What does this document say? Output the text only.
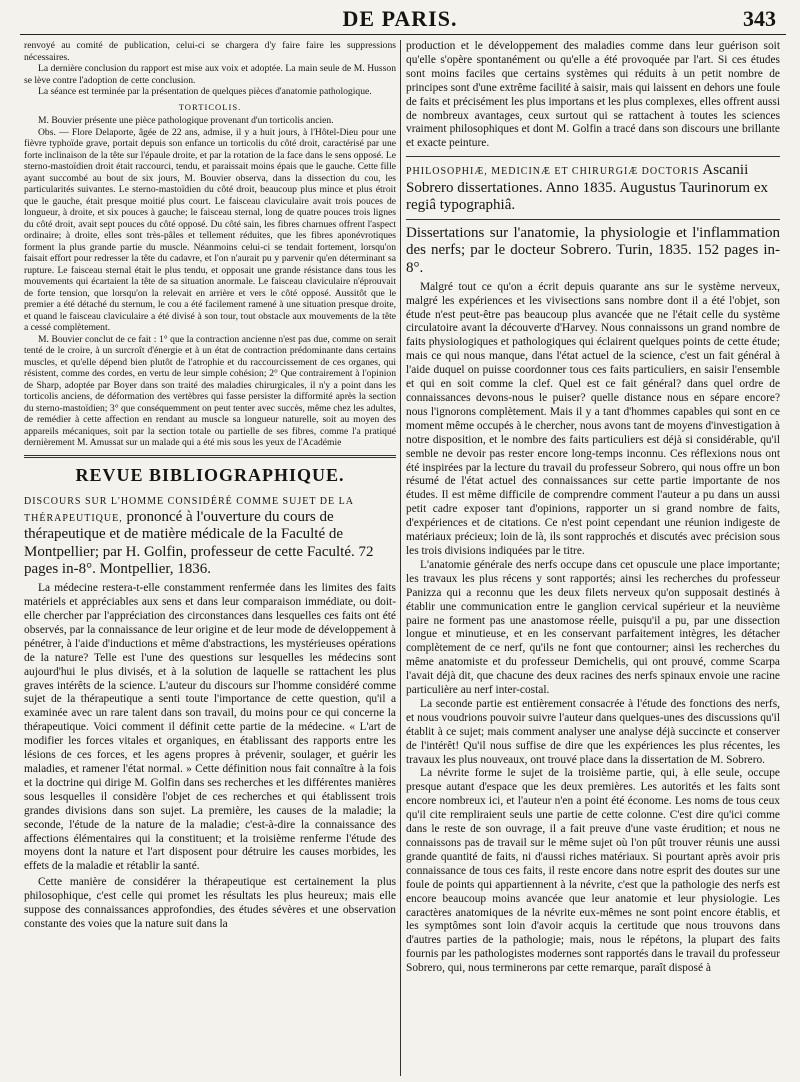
DE PARIS.	343

renvoyé au comité de publication, celui-ci se chargera d'y faire faire les suppressions nécessaires.

La dernière conclusion du rapport est mise aux voix et adoptée. La main seule de M. Husson se lève contre l'adoption de cette conclusion.

La séance est terminée par la présentation de quelques pièces d'anatomie pathologique.

TORTICOLIS.

M. Bouvier présente une pièce pathologique provenant d'un torticolis ancien.

Obs. — Flore Delaporte, âgée de 22 ans, admise, il y a huit jours, à l'Hôtel-Dieu pour une fièvre typhoïde grave, portait depuis son enfance un torticolis du côté droit, caractérisé par une forte inclinaison de la tête sur l'épaule droite, et par la rotation de la face dans le sens opposé. Le sterno-mastoïdien droit était raccourci, tendu, et paraissait moins épais que le gauche. Cette fille ayant succombé au bout de six jours, M. Bouvier observa, dans la dissection du cou, les particularités suivantes. Le sterno-mastoïdien du côté droit, beaucoup plus mince et plus étroit que le gauche, était presque moitié plus court. Le faisceau claviculaire avait trois pouces de longueur, à droite, et six pouces à gauche; le faisceau sternal, long de quatre pouces trois lignes du côté droit, avait sept pouces du côté opposé. Du côté sain, les fibres charnues offrent l'aspect ordinaire; à droite, elles sont très-pâles et tellement réduites, que les fibres aponévrotiques forment la plus grande partie du muscle. Néanmoins celui-ci se tendait fortement, lorsqu'on faisait effort pour redresser la tête du cadavre, et l'on n'aurait pu y parvenir qu'en déterminant sa rupture. Le faisceau sternal était le plus tendu, et opposait une grande résistance dans tous les mouvements qui écartaient la tête de sa situation anormale. Le faisceau claviculaire n'éprouvait de forte tension, que lorsqu'on la relevait en arrière et vers le côté opposé. Aussitôt que le premier a été détaché du sternum, le cou a été facilement ramené à une situation presque droite, et quand le faisceau claviculaire a été divisé à son tour, tout obstacle aux mouvements de la tête a cessé complètement.

M. Bouvier conclut de ce fait : 1° que la contraction ancienne n'est pas due, comme on serait tenté de le croire, à un surcroît d'énergie et à un état de contraction prédominante dans certains muscles, et qu'elle dépend bien plutôt de l'atrophie et du raccourcissement de ces organes, qui résistent, comme des cordes, en vertu de leur simple cohésion; 2° Que contrairement à l'opinion de Sharp, adoptée par Boyer dans son traité des maladies chirurgicales, il n'y a point dans les torticolis anciens, de déformation des vertèbres qui fasse persister la difformité après la section du sterno-mastoïdien; 3° que conséquemment on peut tenter avec succès, même chez les adultes, de remédier à cette affection en rendant au muscle sa longueur naturelle, soit au moyen des appareils mécaniques, soit par la section totale ou partielle de ses fibres, comme l'a pratiqué dernièrement M. Amussat sur un malade qui a été mis sous les yeux de l'Académie

REVUE BIBLIOGRAPHIQUE.

DISCOURS SUR L'HOMME CONSIDÉRÉ COMME SUJET DE LA THÉRAPEUTIQUE, prononcé à l'ouverture du cours de thérapeutique et de matière médicale de la Faculté de Montpellier; par H. Golfin, professeur de cette Faculté. 72 pages in-8°. Montpellier, 1836.

La médecine restera-t-elle constamment renfermée dans les limites des faits matériels et appréciables aux sens et dans leur comparaison immédiate, ou doit-elle chercher par l'appréciation des circonstances dans lesquelles ces faits ont été observés, par la connaissance de leur origine et de leur mode de développement à pénétrer, à l'aide d'inductions et même d'abstractions, les mystérieuses opérations de la nature? Telle est l'une des questions sur lesquelles les médecins sont aujourd'hui le plus divisés, et à la solution de laquelle se rattachent les plus graves intérêts de la science. L'auteur du discours sur l'homme considéré comme sujet de la thérapeutique a senti toute l'importance de cette question, qu'il a examinée avec un rare talent dans son travail, du moins pour ce qui concerne la thérapeutique. Voici comment il définit cette partie de la médecine. « L'art de modifier les forces vitales et organiques, en établissant des rapports entre les lésions de ces forces, et les agens propres à prévenir, soulager, et guérir les maladies, et ramener l'état normal. » Cette définition nous fait connaître à la fois et la doctrine qui dirige M. Golfin dans ses recherches et les différentes manières sous lesquelles il considère l'objet de ces recherches et qui établissent trois grandes divisions dans son sujet. La première, les causes de la maladie; la seconde, l'étude de la nature de la maladie; c'est-à-dire la connaissance des affections élémentaires qui la constituent; et la troisième renferme l'étude des moyens dont la nature et l'art disposent pour détruire les causes morbides, les effets de la maladie et rétablir la santé.

Cette manière de considérer la thérapeutique est certainement la plus philosophique, c'est celle qui promet les résultats les plus heureux; mais elle suppose des connaissances approfondies, des études sévères et une observation constante des voies que la nature suit dans la

production et le développement des maladies comme dans leur guérison soit qu'elle s'opère spontanément ou qu'elle a été provoquée par l'art. Si ces études sont moins faciles que certains systèmes qui réduits à un petit nombre de principes sont d'une extrême facilité à saisir, mais qui laissent en dehors une foule de faits et précisément les plus importans et les plus complexes, elles offrent aussi de nombreux avantages, ceux surtout qui se rattachent à toutes les sciences vraiment philosophiques et dont M. Golfin a tracé dans son discours une brillante et exacte peinture.

PHILOSOPHIÆ, MEDICINÆ ET CHIRURGIÆ DOCTORIS Ascanii Sobrero dissertationes. Anno 1835. Augustus Taurinorum ex regiâ typographiâ.

Dissertations sur l'anatomie, la physiologie et l'inflammation des nerfs; par le docteur Sobrero. Turin, 1835. 152 pages in-8°.

Malgré tout ce qu'on a écrit depuis quarante ans sur le système nerveux, malgré les expériences et les vivisections sans nombre dont il a été l'objet, son étude n'est peut-être pas beaucoup plus avancée que ne l'était celle du système circulatoire avant la découverte d'Harvey. Nous connaissons un grand nombre de faits physiologiques et pathologiques qui éclairent quelques points de cette étude; mais ce qui nous manque, dans l'état actuel de la science, c'est un fait général à l'aide duquel on puisse coordonner tous ces faits particuliers, en saisir l'ensemble et qui en soit comme la clef. Quel est ce fait général? dans quel ordre de connaissances devons-nous le puiser? quelle distance nous en sépare encore? nous l'ignorons complètement. Mais il y a tant d'hommes capables qui sont en ce moment même occupés à le chercher, nous avons tant de moyens d'investigation à notre disposition, et le nombre des faits particuliers est déjà si considérable, qu'il semble ne devoir pas rester encore long-temps inconnu. Ces réflexions nous ont été inspirées par la lecture du travail du professeur Sobrero, qui nous offre un bon résumé de l'état actuel des connaissances sur cette partie importante de nos études. Il est même difficile de comprendre comment l'auteur a pu dans un aussi petit cadre exposer tant d'opinions, rapporter un si grand nombre de faits, d'expériences et de citations. Ce n'est point cependant une réunion indigeste de matériaux précieux; loin de là, ils sont rapprochés et discutés avec précision sous les trois divisions indiquées par le titre.

L'anatomie générale des nerfs occupe dans cet opuscule une place importante; les travaux les plus récens y sont rapportés; ainsi les recherches du professeur Panizza qui a reconnu que les deux filets nerveux qu'on supposait destinés à établir une communication entre le ganglion cervical supérieur et la neuvième paire ne forment pas une anastomose réelle, puisqu'il a pu, par une dissection longue et minutieuse, et en les conservant parfaitement intègres, les détacher complètement de ce nerf, qu'ils ne font que contourner; ainsi les recherches du même anatomiste et du professeur Demichelis, qui ont prouvé, comme Scarpa l'avait déjà dit, que chacune des deux racines des nerfs spinaux envoie une racine particulière au nerf inter-costal.

La seconde partie est entièrement consacrée à l'étude des fonctions des nerfs, et nous voudrions pouvoir suivre l'auteur dans quelques-unes des discussions qu'il établit à ce sujet; mais comment analyser une analyse déjà succincte et conserver de l'intérêt! Qu'il nous suffise de dire que les expériences les plus récentes, les travaux les plus nouveaux, ont trouvé place dans la dissertation de M. Sobrero.

La névrite forme le sujet de la troisième partie, qui, à elle seule, occupe presque autant d'espace que les deux premières. Les autorités et les faits sont encore nombreux ici, et l'auteur n'en a point été économe. Les noms de tous ceux qu'il cite rempliraient seuls une partie de cette colonne. C'est dire qu'ici comme dans le reste de son ouvrage, il a fait preuve d'une vaste érudition; et nous ne connaissons pas de travail sur le même sujet où l'on pût trouver réunis une aussi grande quantité de faits, ni d'aussi riches matériaux. Si pourtant après avoir pris connaissance de tous ces faits, il reste encore dans notre esprit des doutes sur une foule de points qui appartiennent à la névrite, c'est que la pathologie des nerfs est encore beaucoup moins avancée que leur anatomie et leur physiologie. Les caractères anatomiques de la névrite eux-mêmes ne sont point encore établis, et les symptômes sont loin d'avoir acquis la certitude que nous trouvons dans d'autres parties de la pathologie; mais, nous le répétons, la plupart des faits fournis par les pathologistes modernes sont rapportés dans le travail du professeur Sobrero, qui, nous terminerons par cette remarque, paraît disposé à
